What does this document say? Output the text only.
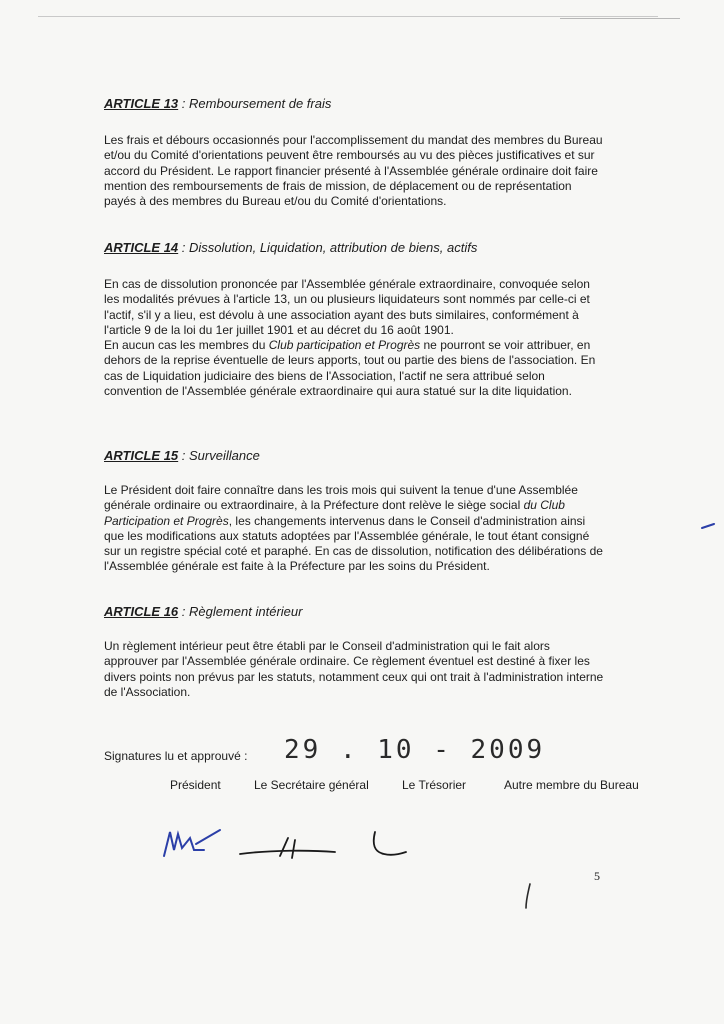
ARTICLE 13 : Remboursement de frais

Les frais et débours occasionnés pour l'accomplissement du mandat des membres du Bureau et/ou du Comité d'orientations peuvent être remboursés au vu des pièces justificatives et sur accord du Président. Le rapport financier présenté à l'Assemblée générale ordinaire doit faire mention des remboursements de frais de mission, de déplacement ou de représentation payés à des membres du Bureau et/ou du Comité d'orientations.

ARTICLE 14 : Dissolution, Liquidation, attribution de biens, actifs

En cas de dissolution prononcée par l'Assemblée générale extraordinaire, convoquée selon les modalités prévues à l'article 13, un ou plusieurs liquidateurs sont nommés par celle-ci et l'actif, s'il y a lieu, est dévolu à une association ayant des buts similaires, conformément à l'article 9 de la loi du 1er juillet 1901 et au décret du 16 août 1901.

En aucun cas les membres du Club participation et Progrès ne pourront se voir attribuer, en dehors de la reprise éventuelle de leurs apports, tout ou partie des biens de l'association. En cas de Liquidation judiciaire des biens de l'Association, l'actif ne sera attribué selon convention de l'Assemblée générale extraordinaire qui aura statué sur la dite liquidation.

ARTICLE 15 : Surveillance

Le Président doit faire connaître dans les trois mois qui suivent la tenue d'une Assemblée générale ordinaire ou extraordinaire, à la Préfecture dont relève le siège social du Club Participation et Progrès, les changements intervenus dans le Conseil d'administration ainsi que les modifications aux statuts adoptées par l'Assemblée générale, le tout étant consigné sur un registre spécial coté et paraphé. En cas de dissolution, notification des délibérations de l'Assemblée générale est faite à la Préfecture par les soins du Président.

ARTICLE 16 : Règlement intérieur

Un règlement intérieur peut être établi par le Conseil d'administration qui le fait alors approuver par l'Assemblée générale ordinaire. Ce règlement éventuel est destiné à fixer les divers points non prévus par les statuts, notamment ceux qui ont trait à l'administration interne de l'Association.

Signatures lu et approuvé : 29 . 10 - 2009
Président	Le Secrétaire général	Le Trésorier	Autre membre du Bureau
5
